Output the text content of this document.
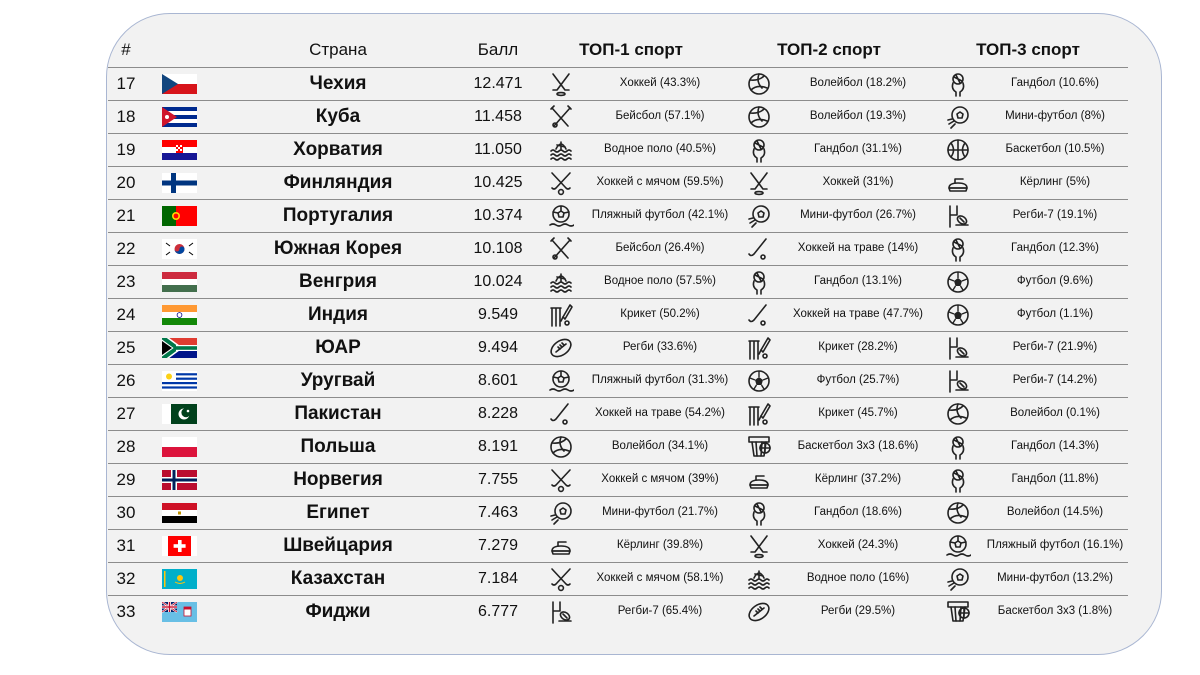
#	Страна	Балл	ТОП-1 спорт	ТОП-2 спорт	ТОП-3 спорт
17	Чехия	12.471	Хоккей (43.3%)	Волейбол (18.2%)	Гандбол (10.6%)
18	Куба	11.458	Бейсбол (57.1%)	Волейбол (19.3%)	Мини-футбол (8%)
19	Хорватия	11.050	Водное поло (40.5%)	Гандбол (31.1%)	Баскетбол (10.5%)
20	Финляндия	10.425	Хоккей с мячом (59.5%)	Хоккей (31%)	Кёрлинг (5%)
21	Португалия	10.374	Пляжный футбол (42.1%)	Мини-футбол (26.7%)	Регби-7 (19.1%)
22	Южная Корея	10.108	Бейсбол (26.4%)	Хоккей на траве (14%)	Гандбол (12.3%)
23	Венгрия	10.024	Водное поло (57.5%)	Гандбол (13.1%)	Футбол (9.6%)
24	Индия	9.549	Крикет (50.2%)	Хоккей на траве (47.7%)	Футбол (1.1%)
25	ЮАР	9.494	Регби (33.6%)	Крикет (28.2%)	Регби-7 (21.9%)
26	Уругвай	8.601	Пляжный футбол (31.3%)	Футбол (25.7%)	Регби-7 (14.2%)
27	Пакистан	8.228	Хоккей на траве (54.2%)	Крикет (45.7%)	Волейбол (0.1%)
28	Польша	8.191	Волейбол (34.1%)	Баскетбол 3х3 (18.6%)	Гандбол (14.3%)
29	Норвегия	7.755	Хоккей с мячом (39%)	Кёрлинг (37.2%)	Гандбол (11.8%)
30	Египет	7.463	Мини-футбол (21.7%)	Гандбол (18.6%)	Волейбол (14.5%)
31	Швейцария	7.279	Кёрлинг (39.8%)	Хоккей (24.3%)	Пляжный футбол (16.1%)
32	Казахстан	7.184	Хоккей с мячом (58.1%)	Водное поло (16%)	Мини-футбол (13.2%)
33	Фиджи	6.777	Регби-7 (65.4%)	Регби (29.5%)	Баскетбол 3х3 (1.8%)
